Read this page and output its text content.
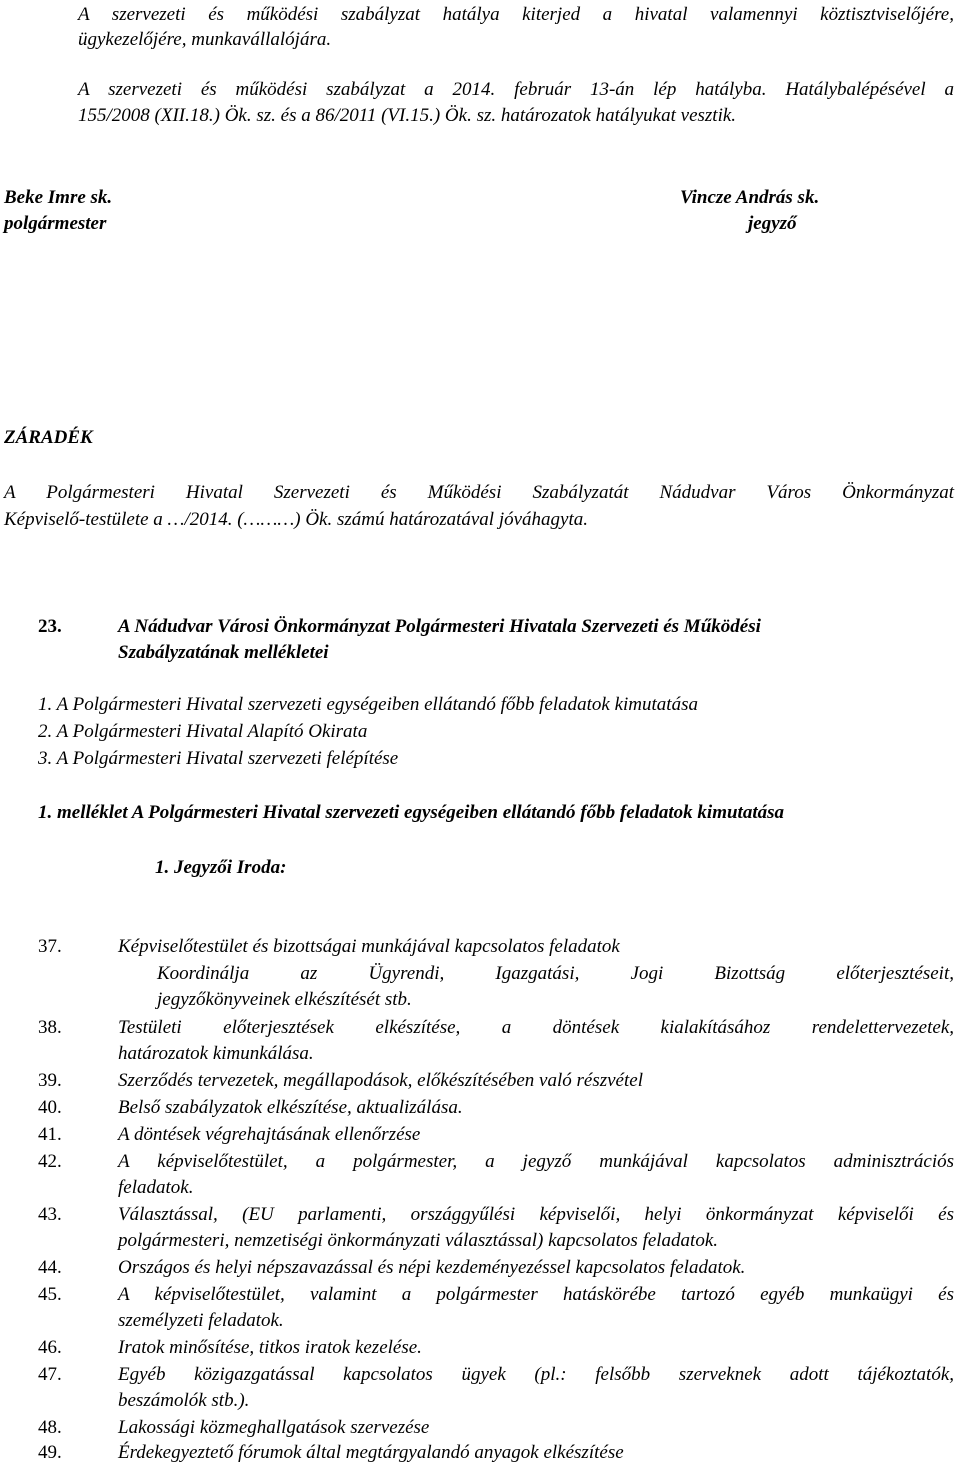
A szervezeti és működési szabályzat hatálya kiterjed a hivatal valamennyi köztisztviselőjére,
ügykezelőjére, munkavállalójára.
A szervezeti és működési szabályzat a 2014. február 13-án lép hatályba. Hatálybalépésével a
155/2008 (XII.18.) Ök. sz. és a 86/2011 (VI.15.) Ök. sz. határozatok hatályukat vesztik.
Beke Imre sk.
polgármester
Vincze András sk.
jegyző
ZÁRADÉK
A Polgármesteri Hivatal Szervezeti és Működési Szabályzatát Nádudvar Város Önkormányzat
Képviselő-testülete a …/2014. (………) Ök. számú határozatával jóváhagyta.
23.	A Nádudvar Városi Önkormányzat Polgármesteri Hivatala Szervezeti és Működési
Szabályzatának mellékletei
1. A Polgármesteri Hivatal szervezeti egységeiben ellátandó főbb feladatok kimutatása
2. A Polgármesteri Hivatal Alapító Okirata
3. A Polgármesteri Hivatal szervezeti felépítése
1. melléklet A Polgármesteri Hivatal szervezeti egységeiben ellátandó főbb feladatok kimutatása
1. Jegyzői Iroda:
37.	Képviselőtestület és bizottságai munkájával kapcsolatos feladatok
Koordinálja az Ügyrendi, Igazgatási, Jogi Bizottság előterjesztéseit,
jegyzőkönyveinek elkészítését stb.
38.	Testületi előterjesztések elkészítése, a döntések kialakításához rendelettervezetek,
határozatok kimunkálása.
39.	Szerződés tervezetek, megállapodások, előkészítésében való részvétel
40.	Belső szabályzatok elkészítése, aktualizálása.
41.	A döntések végrehajtásának ellenőrzése
42.	A képviselőtestület, a polgármester, a jegyző munkájával kapcsolatos adminisztrációs
feladatok.
43.	Választással, (EU parlamenti, országgyűlési képviselői, helyi önkormányzat képviselői és
polgármesteri, nemzetiségi önkormányzati választással) kapcsolatos feladatok.
44.	Országos és helyi népszavazással és népi kezdeményezéssel kapcsolatos feladatok.
45.	A képviselőtestület, valamint a polgármester hatáskörébe tartozó egyéb munkaügyi és
személyzeti feladatok.
46.	Iratok minősítése, titkos iratok kezelése.
47.	Egyéb közigazgatással kapcsolatos ügyek (pl.: felsőbb szerveknek adott tájékoztatók,
beszámolók stb.).
48.	Lakossági közmeghallgatások szervezése
49.	Érdekegyeztető fórumok által megtárgyalandó anyagok elkészítése
